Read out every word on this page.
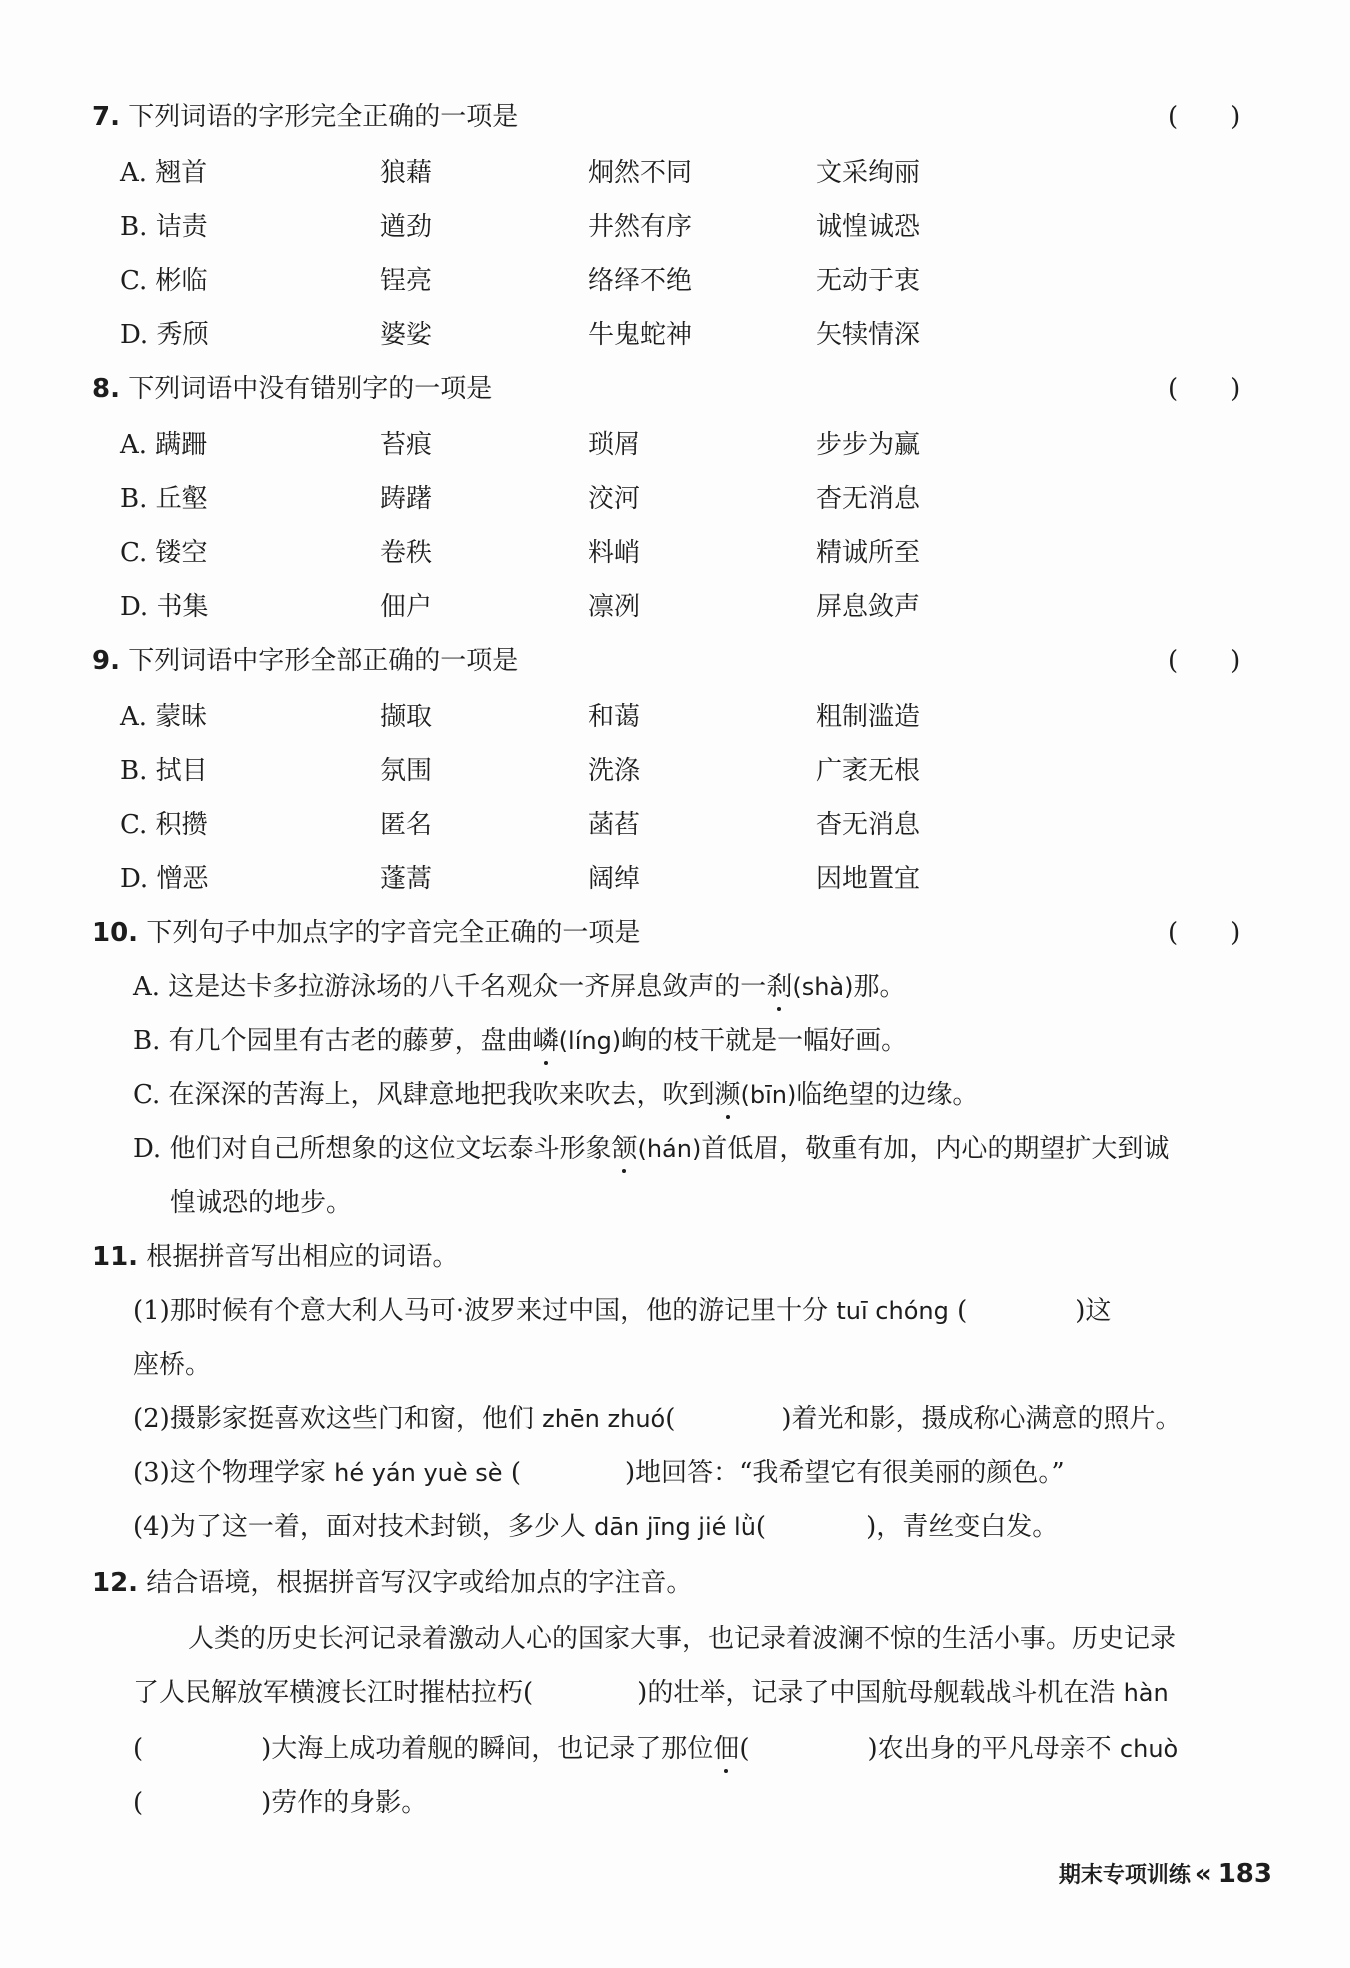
7. 下列词语的字形完全正确的一项是	(　　)
A. 翘首	狼藉	炯然不同	文采绚丽
B. 诘责	遒劲	井然有序	诚惶诚恐
C. 彬临	锃亮	络绎不绝	无动于衷
D. 秀颀	婆娑	牛鬼蛇神	矢犊情深
8. 下列词语中没有错别字的一项是	(　　)
A. 蹒跚	苔痕	琐屑	步步为赢
B. 丘壑	踌躇	洨河	杳无消息
C. 镂空	卷秩	料峭	精诚所至
D. 书集	佃户	凛冽	屏息敛声
9. 下列词语中字形全部正确的一项是	(　　)
A. 蒙昧	撷取	和蔼	粗制滥造
B. 拭目	氛围	洗涤	广袤无根
C. 积攒	匿名	菡萏	杳无消息
D. 憎恶	蓬蒿	阔绰	因地置宜
10. 下列句子中加点字的字音完全正确的一项是	(　　)
A. 这是达卡多拉游泳场的八千名观众一齐屏息敛声的一刹(shà)那。
B. 有几个园里有古老的藤萝，盘曲嶙(líng)峋的枝干就是一幅好画。
C. 在深深的苦海上，风肆意地把我吹来吹去，吹到濒(bīn)临绝望的边缘。
D. 他们对自己所想象的这位文坛泰斗形象颔(hán)首低眉，敬重有加，内心的期望扩大到诚
惶诚恐的地步。
11. 根据拼音写出相应的词语。
(1)那时候有个意大利人马可·波罗来过中国，他的游记里十分 tuī chóng (	)这
座桥。
(2)摄影家挺喜欢这些门和窗，他们 zhēn zhuó(	)着光和影，摄成称心满意的照片。
(3)这个物理学家 hé yán yuè sè (	)地回答：“我希望它有很美丽的颜色。”
(4)为了这一着，面对技术封锁，多少人 dān jīng jié lǜ(	)，青丝变白发。
12. 结合语境，根据拼音写汉字或给加点的字注音。
人类的历史长河记录着激动人心的国家大事，也记录着波澜不惊的生活小事。历史记录
了人民解放军横渡长江时摧枯拉朽(	)的壮举，记录了中国航母舰载战斗机在浩 hàn
(	)大海上成功着舰的瞬间，也记录了那位佃(	)农出身的平凡母亲不 chuò
(	)劳作的身影。
期末专项训练 « 183
